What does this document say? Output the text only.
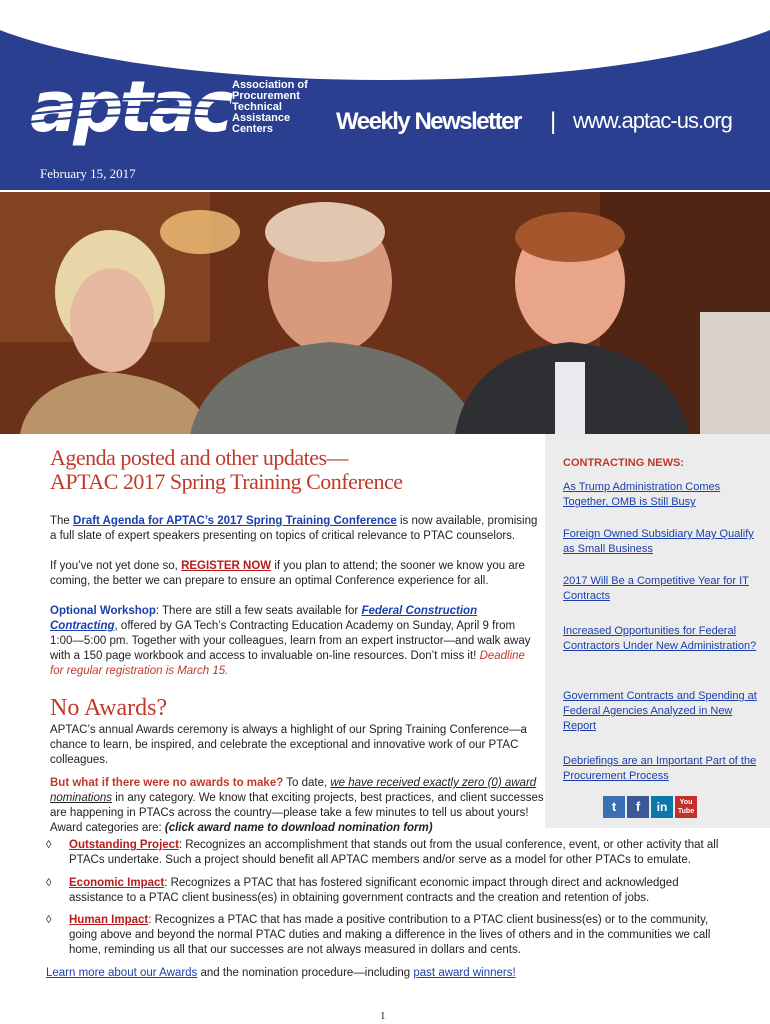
aptac Association of
Procurement
Technical
Assistance
Centers	Weekly Newsletter | www.aptac-us.org
February 15, 2017
Agenda posted and other updates—
APTAC 2017 Spring Training Conference

The Draft Agenda for APTAC’s 2017 Spring Training Conference is now available, promising a full slate of expert speakers presenting on topics of critical relevance to PTAC counselors.

If you’ve not yet done so, REGISTER NOW if you plan to attend; the sooner we know you are coming, the better we can prepare to ensure an optimal Conference experience for all.

Optional Workshop: There are still a few seats available for Federal Construction Contracting, offered by GA Tech’s Contracting Education Academy on Sunday, April 9 from 1:00—5:00 pm. Together with your colleagues, learn from an expert instructor—and walk away with a 150 page workbook and access to invaluable on-line resources. Don’t miss it! Deadline for regular registration is March 15.

No Awards?

APTAC’s annual Awards ceremony is always a highlight of our Spring Training Conference—a chance to learn, be inspired, and celebrate the exceptional and innovative work of our PTAC colleagues.

But what if there were no awards to make? To date, we have received exactly zero (0) award nominations in any category. We know that exciting projects, best practices, and client successes are happening in PTACs across the country—please take a few minutes to tell us about yours! Award categories are: (click award name to download nomination form)

CONTRACTING NEWS:
As Trump Administration Comes Together, OMB is Still Busy
Foreign Owned Subsidiary May Qualify as Small Business
2017 Will Be a Competitive Year for IT Contracts
Increased Opportunities for Federal Contractors Under New Administration?
Government Contracts and Spending at Federal Agencies Analyzed in New Report
Debriefings are an Important Part of the Procurement Process
t	f	in	You Tube
◊ Outstanding Project: Recognizes an accomplishment that stands out from the usual conference, event, or other activity that all PTACs undertake. Such a project should benefit all APTAC members and/or serve as a model for other PTACs to emulate.
◊ Economic Impact: Recognizes a PTAC that has fostered significant economic impact through direct and acknowledged assistance to a PTAC client business(es) in obtaining government contracts and the creation and retention of jobs.
◊ Human Impact: Recognizes a PTAC that has made a positive contribution to a PTAC client business(es) or to the community, going above and beyond the normal PTAC duties and making a difference in the lives of others and in the communities we call home, reminding us all that our successes are not always measured in dollars and cents.

Learn more about our Awards and the nomination procedure—including past award winners!

1
